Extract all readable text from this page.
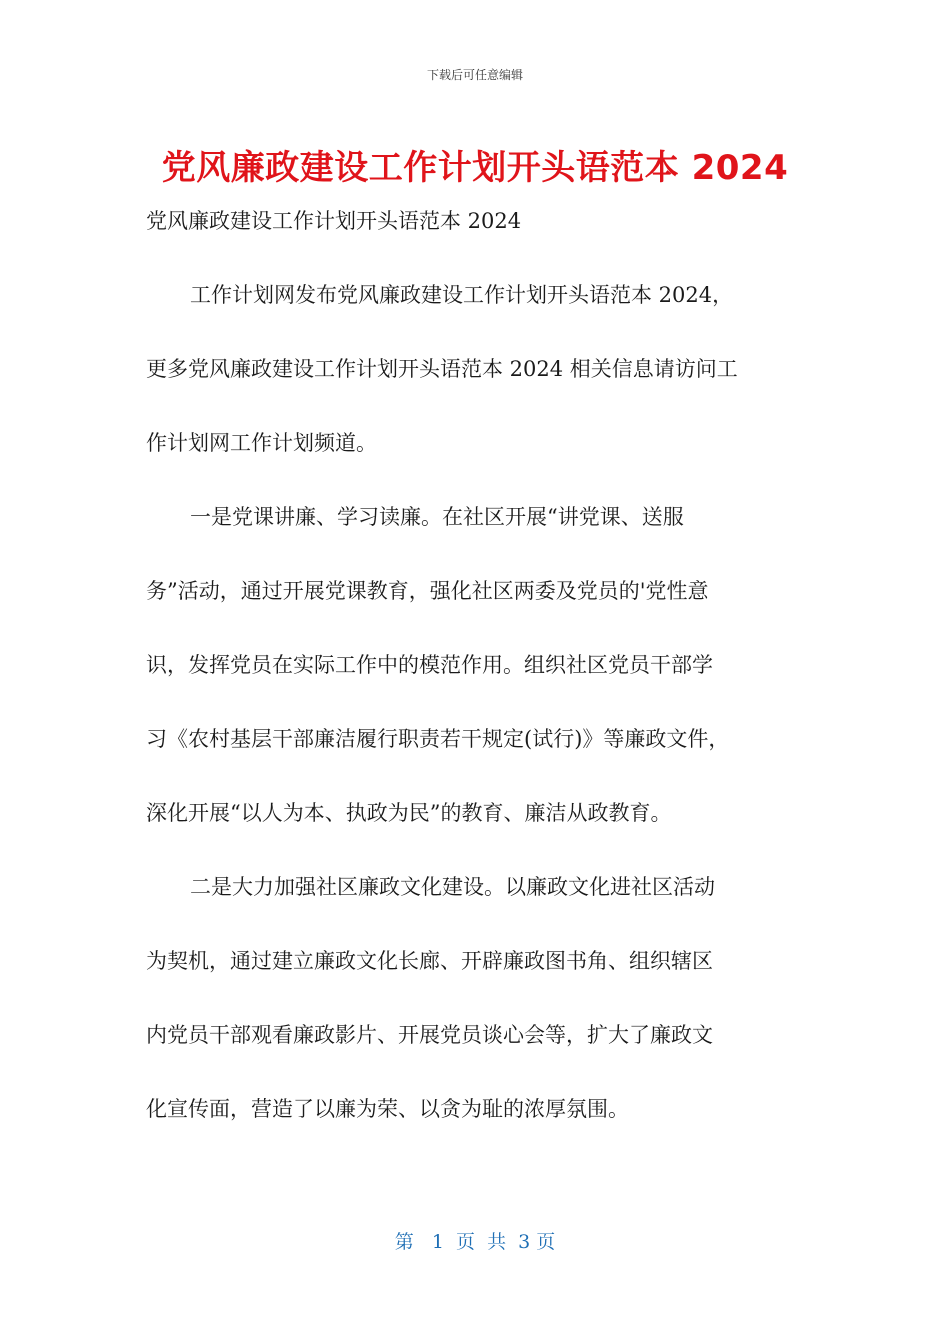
下载后可任意编辑
党风廉政建设工作计划开头语范本 2024
党风廉政建设工作计划开头语范本 2024
工作计划网发布党风廉政建设工作计划开头语范本 2024，
更多党风廉政建设工作计划开头语范本 2024 相关信息请访问工
作计划网工作计划频道。
一是党课讲廉、学习读廉。在社区开展“讲党课、送服
务”活动，通过开展党课教育，强化社区两委及党员的'党性意
识，发挥党员在实际工作中的模范作用。组织社区党员干部学
习《农村基层干部廉洁履行职责若干规定(试行)》等廉政文件，
深化开展“以人为本、执政为民”的教育、廉洁从政教育。
二是大力加强社区廉政文化建设。以廉政文化进社区活动
为契机，通过建立廉政文化长廊、开辟廉政图书角、组织辖区
内党员干部观看廉政影片、开展党员谈心会等，扩大了廉政文
化宣传面，营造了以廉为荣、以贪为耻的浓厚氛围。
第   1  页  共  3 页
